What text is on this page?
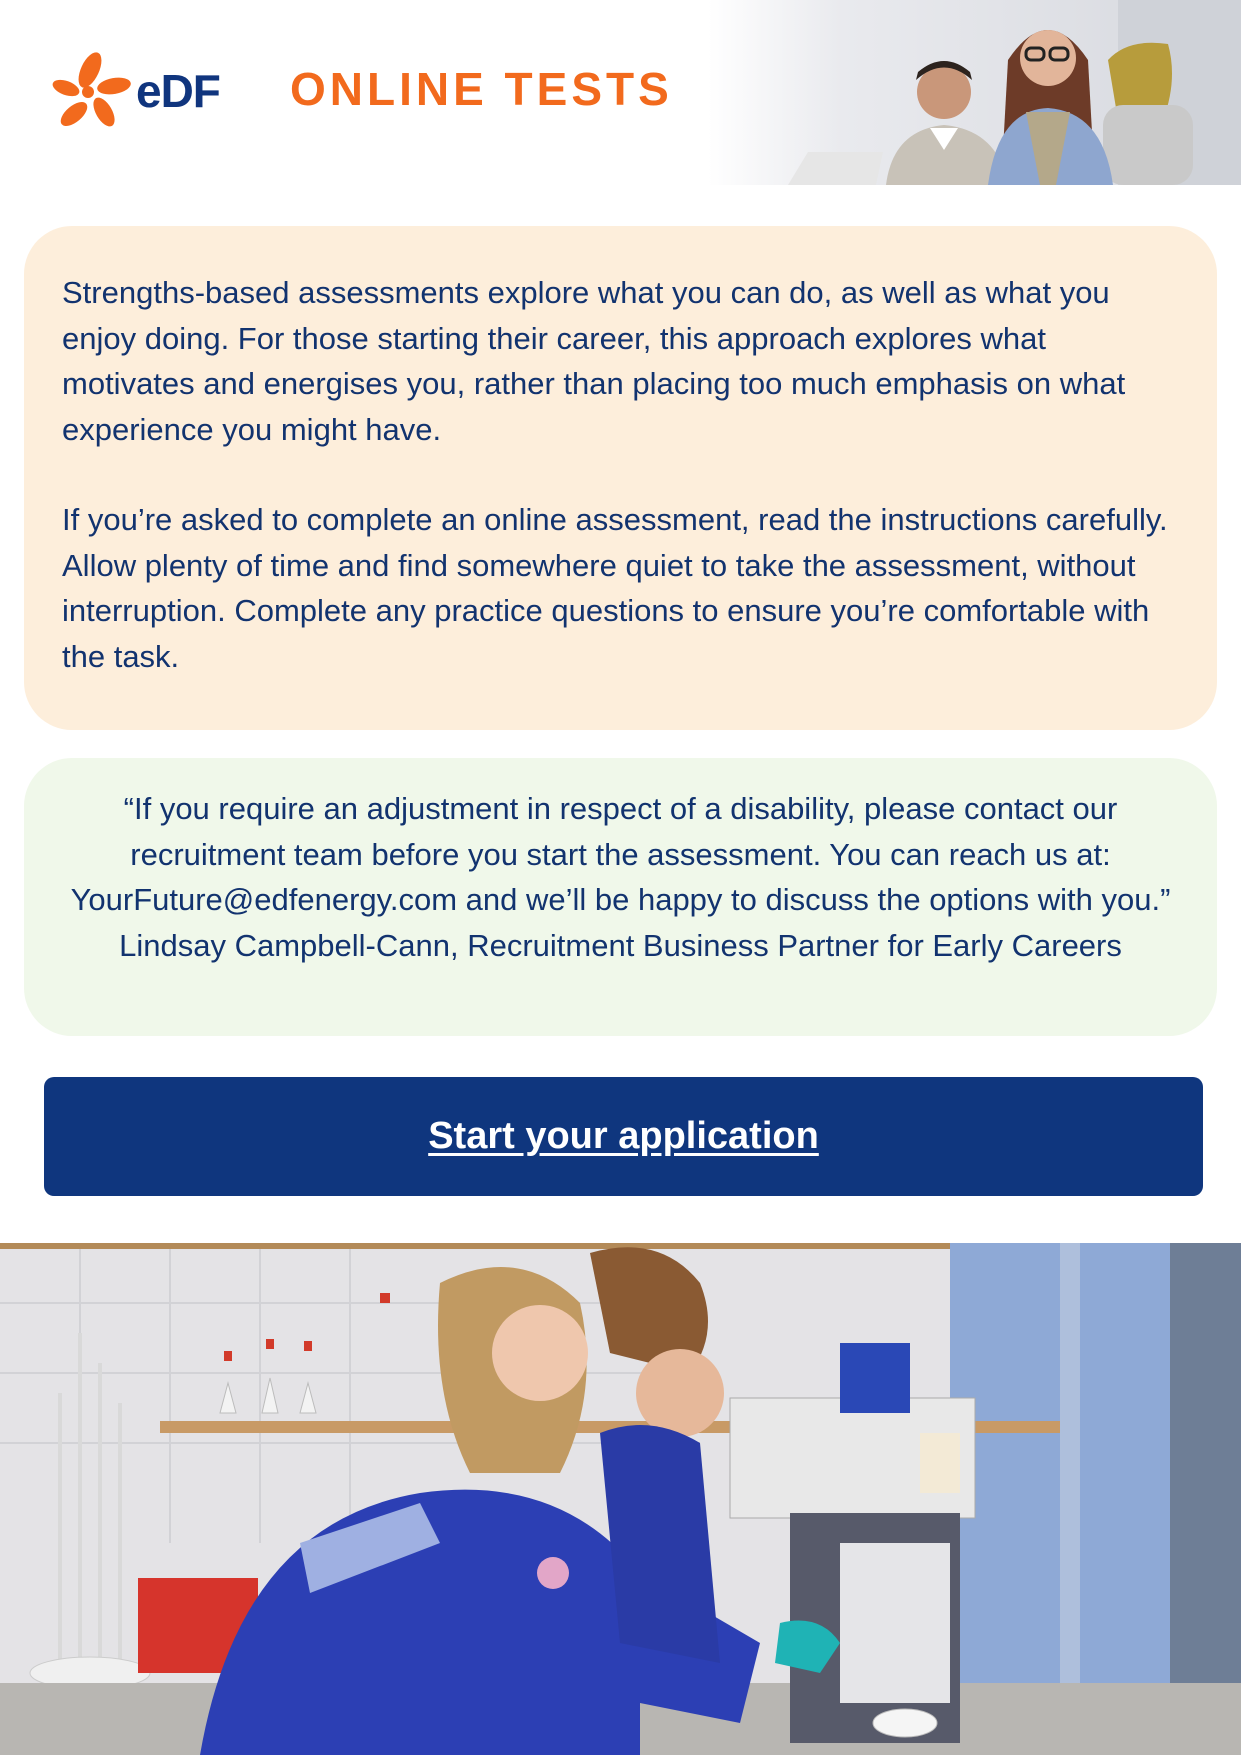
eDF ONLINE TESTS

Strengths-based assessments explore what you can do, as well as what you enjoy doing. For those starting their career, this approach explores what motivates and energises you, rather than placing too much emphasis on what experience you might have.

If you’re asked to complete an online assessment, read the instructions carefully. Allow plenty of time and find somewhere quiet to take the assessment, without interruption. Complete any practice questions to ensure you’re comfortable with the task.

“If you require an adjustment in respect of a disability, please contact our recruitment team before you start the assessment. You can reach us at: YourFuture@edfenergy.com and we’ll be happy to discuss the options with you.”

Lindsay Campbell-Cann, Recruitment Business Partner for Early Careers

Start your application
